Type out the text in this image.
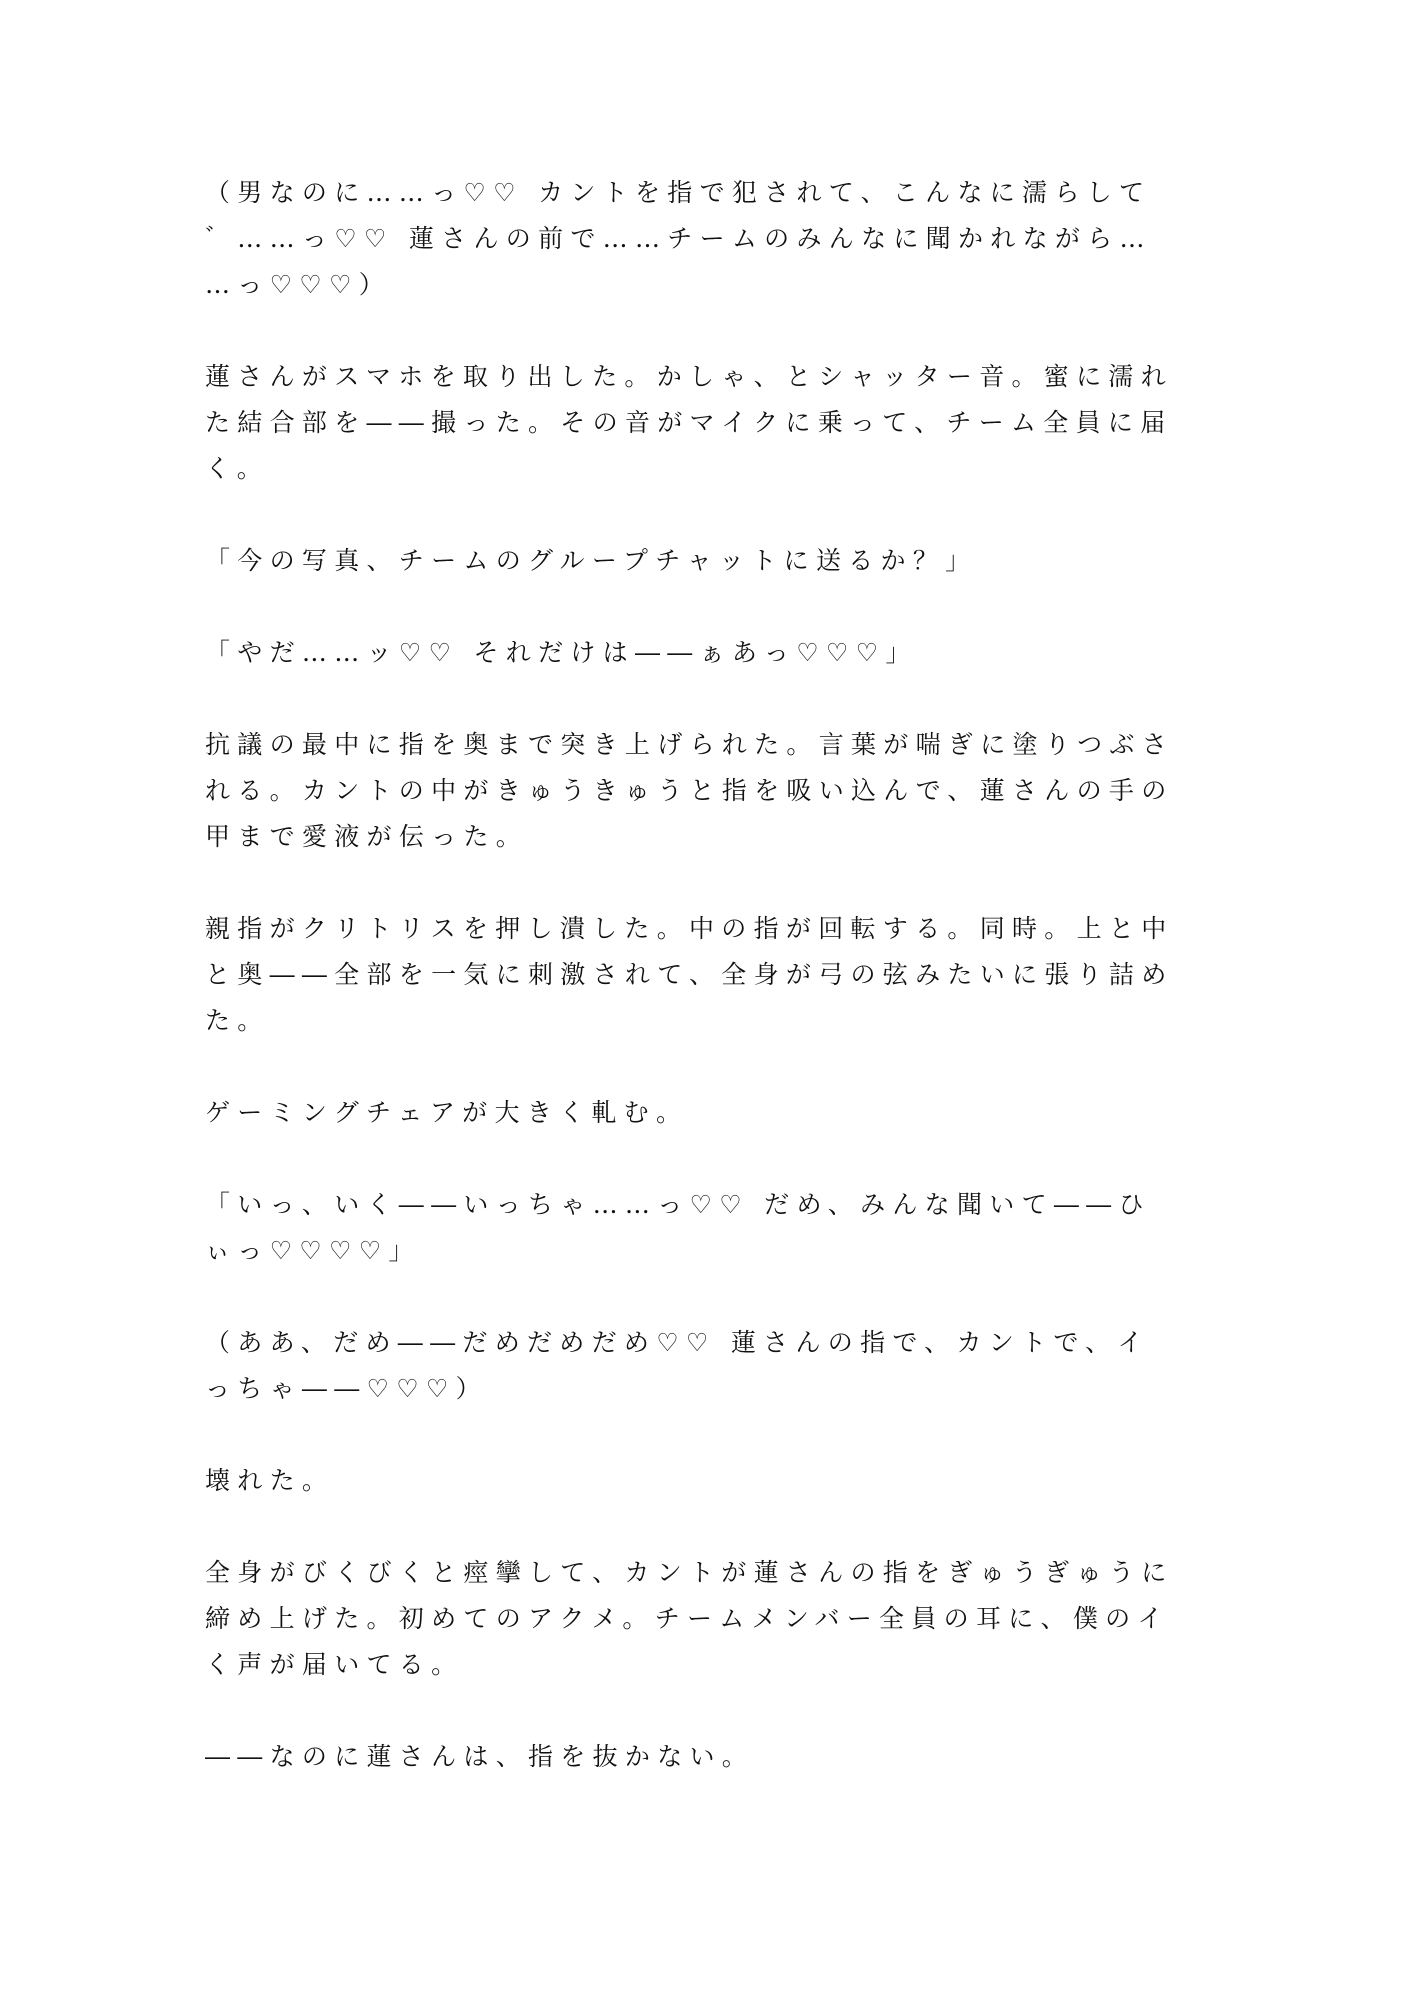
（男なのに……っ♡♡ カントを指で犯されて、こんなに濡らして
゛……っ♡♡ 蓮さんの前で……チームのみんなに聞かれながら…
…っ♡♡♡）
蓮さんがスマホを取り出した。かしゃ、とシャッター音。蜜に濡れ
た結合部を――撮った。その音がマイクに乗って、チーム全員に届
く。
「今の写真、チームのグループチャットに送るか？」
「やだ……ッ♡♡ それだけは――ぁあっ♡♡♡」
抗議の最中に指を奥まで突き上げられた。言葉が喘ぎに塗りつぶさ
れる。カントの中がきゅうきゅうと指を吸い込んで、蓮さんの手の
甲まで愛液が伝った。
親指がクリトリスを押し潰した。中の指が回転する。同時。上と中
と奥――全部を一気に刺激されて、全身が弓の弦みたいに張り詰め
た。
ゲーミングチェアが大きく軋む。
「いっ、いく――いっちゃ……っ♡♡ だめ、みんな聞いて――ひ
ぃっ♡♡♡♡」
（ああ、だめ――だめだめだめ♡♡ 蓮さんの指で、カントで、イ
っちゃ――♡♡♡）
壊れた。
全身がびくびくと痙攣して、カントが蓮さんの指をぎゅうぎゅうに
締め上げた。初めてのアクメ。チームメンバー全員の耳に、僕のイ
く声が届いてる。
――なのに蓮さんは、指を抜かない。
